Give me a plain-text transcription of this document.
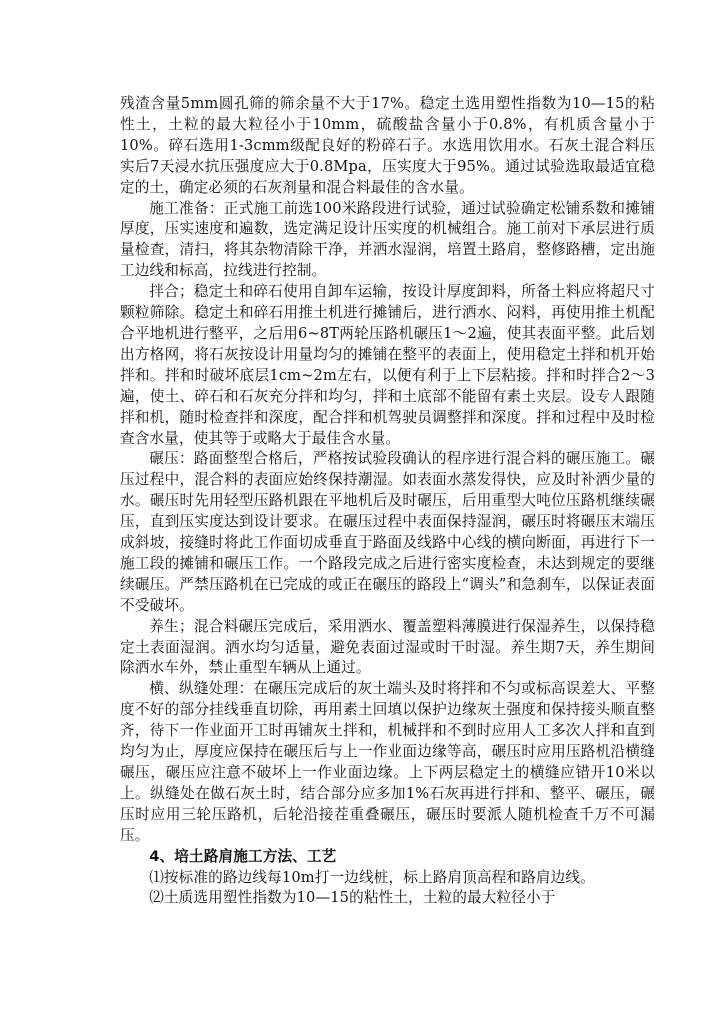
残渣含量5mm圆孔筛的筛余量不大于17%。稳定土选用塑性指数为10—15的粘性土，土粒的最大粒径小于10mm，硫酸盐含量小于0.8%，有机质含量小于10%。碎石选用1-3cmm级配良好的粉碎石子。水选用饮用水。石灰土混合料压实后7天浸水抗压强度应大于0.8Mpa，压实度大于95%。通过试验选取最适宜稳定的土，确定必须的石灰剂量和混合料最佳的含水量。

施工准备：正式施工前选100米路段进行试验，通过试验确定松铺系数和摊铺厚度，压实速度和遍数，选定满足设计压实度的机械组合。施工前对下承层进行质量检查，清扫，将其杂物清除干净，并洒水湿润，培置土路肩，整修路槽，定出施工边线和标高，拉线进行控制。

拌合；稳定土和碎石使用自卸车运输，按设计厚度卸料，所备土料应将超尺寸颗粒筛除。稳定土和碎石用推土机进行摊铺后，进行洒水、闷料，再使用推土机配合平地机进行整平，之后用6~8T两轮压路机碾压1～2遍，使其表面平整。此后划出方格网，将石灰按设计用量均匀的摊铺在整平的表面上，使用稳定土拌和机开始拌和。拌和时破坏底层1cm~2m左右，以便有利于上下层粘接。拌和时拌合2～3遍，使土、碎石和石灰充分拌和均匀，拌和土底部不能留有素土夹层。设专人跟随拌和机，随时检查拌和深度，配合拌和机驾驶员调整拌和深度。拌和过程中及时检查含水量，使其等于或略大于最佳含水量。

碾压：路面整型合格后，严格按试验段确认的程序进行混合料的碾压施工。碾压过程中，混合料的表面应始终保持潮湿。如表面水蒸发得快，应及时补洒少量的水。碾压时先用轻型压路机跟在平地机后及时碾压，后用重型大吨位压路机继续碾压，直到压实度达到设计要求。在碾压过程中表面保持湿润，碾压时将碾压末端压成斜坡，接缝时将此工作面切成垂直于路面及线路中心线的横向断面，再进行下一施工段的摊铺和碾压工作。一个路段完成之后进行密实度检查，未达到规定的要继续碾压。严禁压路机在已完成的或正在碾压的路段上“调头”和急刹车，以保证表面不受破坏。

养生；混合料碾压完成后，采用洒水、覆盖塑料薄膜进行保湿养生，以保持稳定土表面湿润。洒水均匀适量，避免表面过湿或时干时湿。养生期7天，养生期间除洒水车外，禁止重型车辆从上通过。

横、纵缝处理：在碾压完成后的灰土端头及时将拌和不匀或标高误差大、平整度不好的部分挂线垂直切除，再用素土回填以保护边缘灰土强度和保持接头顺直整齐，待下一作业面开工时再铺灰土拌和，机械拌和不到时应用人工多次人拌和直到均匀为止，厚度应保持在碾压后与上一作业面边缘等高，碾压时应用压路机沿横缝碾压，碾压应注意不破坏上一作业面边缘。上下两层稳定土的横缝应错开10米以上。纵缝处在做石灰土时，结合部分应多加1%石灰再进行拌和、整平、碾压，碾压时应用三轮压路机，后轮沿接茬重叠碾压，碾压时要派人随机检查千万不可漏压。

4、培土路肩施工方法、工艺

⑴按标准的路边线每10m打一边线桩，标上路肩顶高程和路肩边线。

⑵土质选用塑性指数为10—15的粘性土，土粒的最大粒径小于
